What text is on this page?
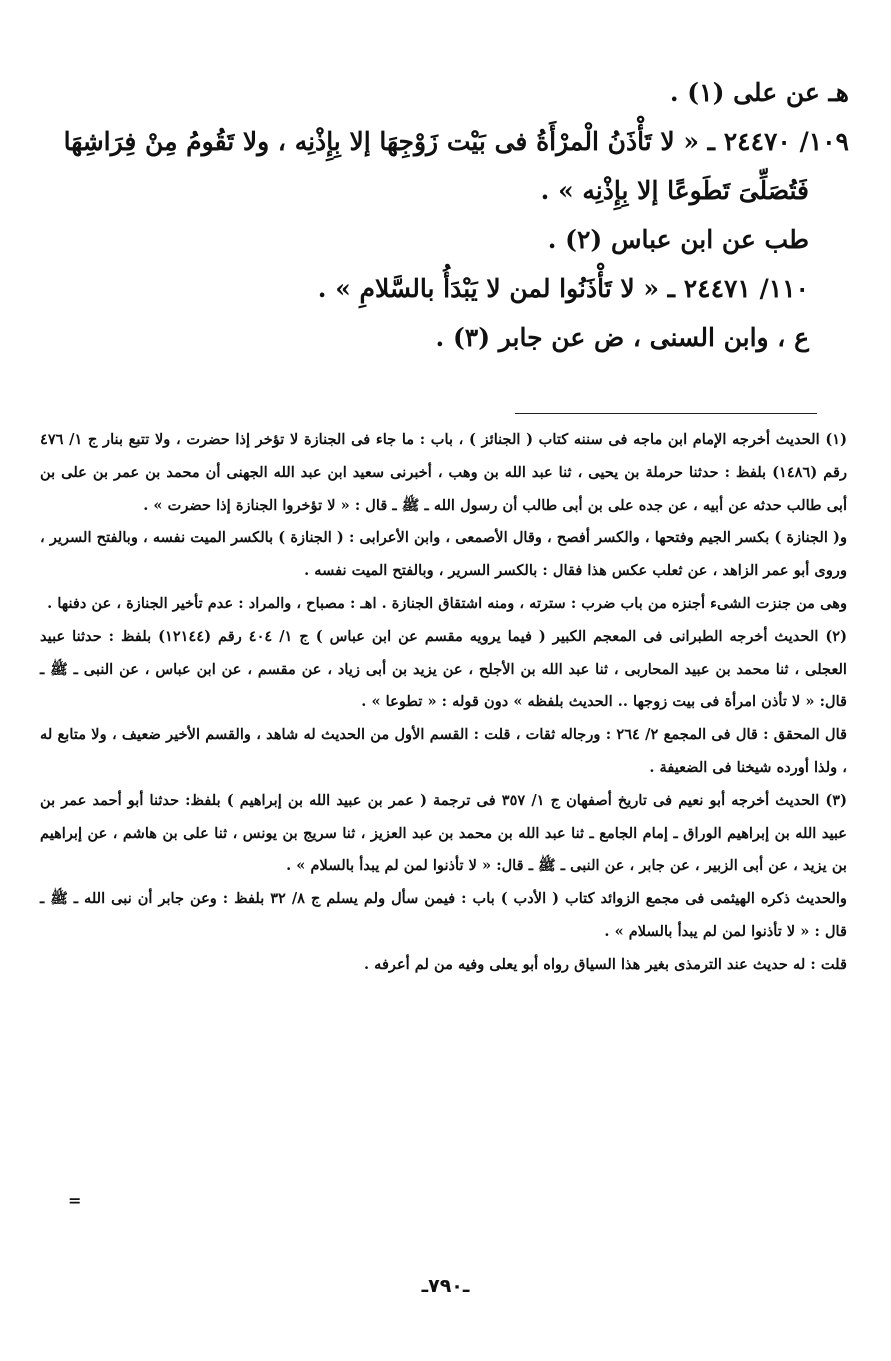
هـ عن على (١) .

١٠٩/ ٢٤٤٧٠ ـ « لا تَأْذَنُ الْمرْأَةُ فى بَيْت زَوْجِهَا إلا بِإِذْنِه ، ولا تَقُومُ مِنْ فِرَاشِهَا

فَتُصَلِّىَ تَطَوعًا إلا بِإِذْنِه » .

طب عن ابن عباس (٢) .

١١٠/ ٢٤٤٧١ ـ « لا تَأْذَنُوا لمن لا يَبْدَأُ بالسَّلامِ » .

ع ، وابن السنى ، ض عن جابر (٣) .

(١) الحديث أخرجه الإمام ابن ماجه فى سننه كتاب ( الجنائز ) ، باب : ما جاء فى الجنازة لا تؤخر إذا حضرت ، ولا تتبع بنار ج ١/ ٤٧٦ رقم (١٤٨٦) بلفظ : حدثنا حرملة بن يحيى ، ثنا عبد الله بن وهب ، أخبرنى سعيد ابن عبد الله الجهنى أن محمد بن عمر بن على بن أبى طالب حدثه عن أبيه ، عن جده على بن أبى طالب أن رسول الله ـ ﷺ ـ قال : « لا تؤخروا الجنازة إذا حضرت » .

و( الجنازة ) بكسر الجيم وفتحها ، والكسر أفصح ، وقال الأصمعى ، وابن الأعرابى : ( الجنازة ) بالكسر الميت نفسه ، وبالفتح السرير ، وروى أبو عمر الزاهد ، عن ثعلب عكس هذا فقال : بالكسر السرير ، وبالفتح الميت نفسه .

وهى من جنزت الشىء أجنزه من باب ضرب : سترته ، ومنه اشتقاق الجنازة . اهـ : مصباح ، والمراد : عدم تأخير الجنازة ، عن دفنها .

(٢) الحديث أخرجه الطبرانى فى المعجم الكبير ( فيما يرويه مقسم عن ابن عباس ) ج ١/ ٤٠٤ رقم (١٢١٤٤) بلفظ : حدثنا عبيد العجلى ، ثنا محمد بن عبيد المحاربى ، ثنا عبد الله بن الأجلح ، عن يزيد بن أبى زياد ، عن مقسم ، عن ابن عباس ، عن النبى ـ ﷺ ـ قال: « لا تأذن امرأة فى بيت زوجها .. الحديث بلفظه » دون قوله : « تطوعا » .

قال المحقق : قال فى المجمع ٢/ ٢٦٤ : ورجاله ثقات ، قلت : القسم الأول من الحديث له شاهد ، والقسم الأخير ضعيف ، ولا متابع له ، ولذا أورده شيخنا فى الضعيفة .

(٣) الحديث أخرجه أبو نعيم فى تاريخ أصفهان ج ١/ ٣٥٧ فى ترجمة ( عمر بن عبيد الله بن إبراهيم ) بلفظ: حدثنا أبو أحمد عمر بن عبيد الله بن إبراهيم الوراق ـ إمام الجامع ـ ثنا عبد الله بن محمد بن عبد العزيز ، ثنا سريج بن يونس ، ثنا على بن هاشم ، عن إبراهيم بن يزيد ، عن أبى الزبير ، عن جابر ، عن النبى ـ ﷺ ـ قال: « لا تأذنوا لمن لم يبدأ بالسلام » .

والحديث ذكره الهيثمى فى مجمع الزوائد كتاب ( الأدب ) باب : فيمن سأل ولم يسلم ج ٨/ ٣٢ بلفظ : وعن جابر أن نبى الله ـ ﷺ ـ قال : « لا تأذنوا لمن لم يبدأ بالسلام » .

قلت : له حديث عند الترمذى بغير هذا السياق رواه أبو يعلى وفيه من لم أعرفه .

=
ـ٧٩٠ـ
